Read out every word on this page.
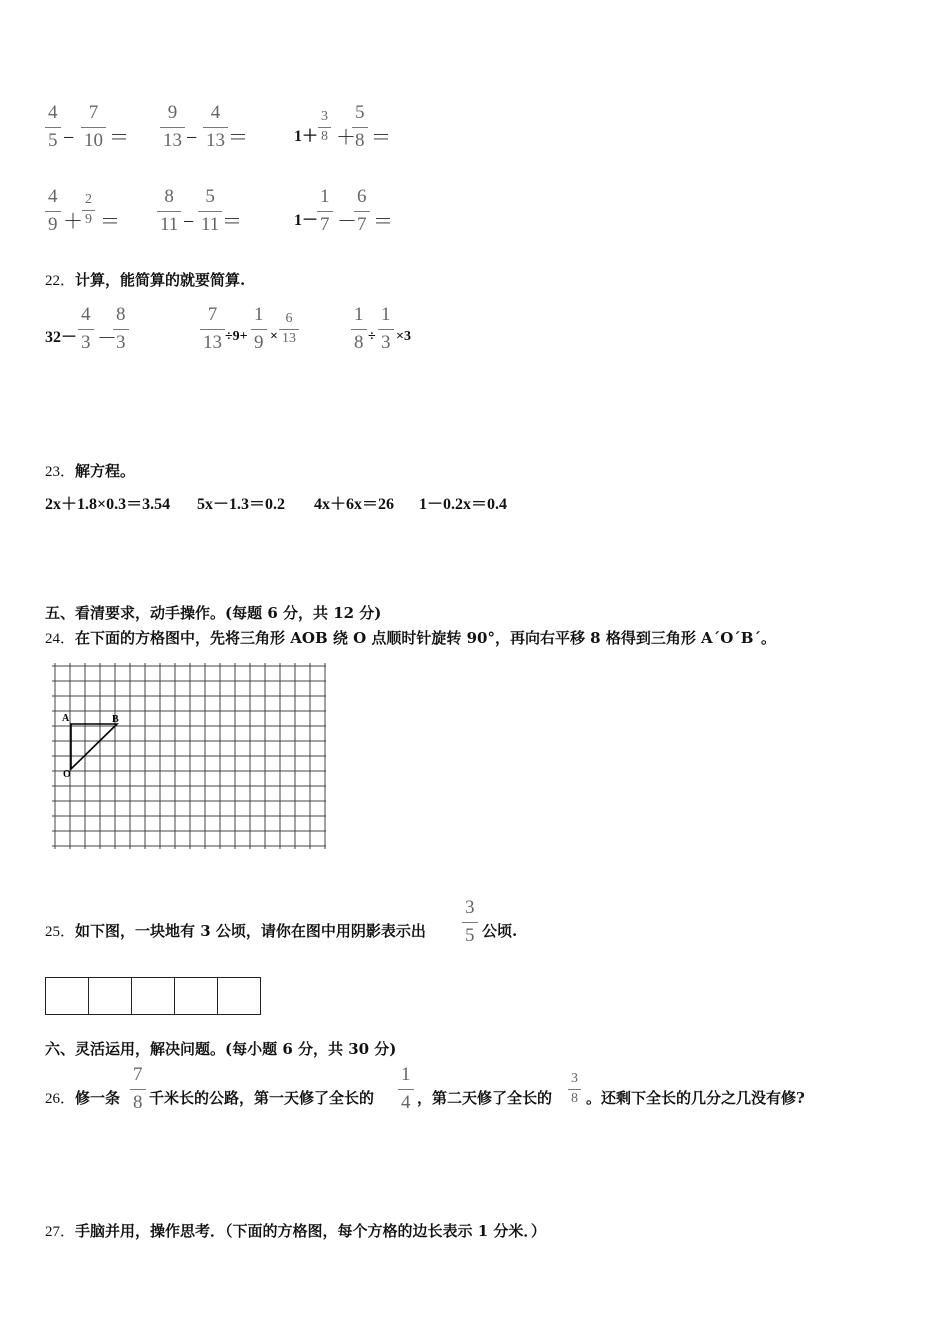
4
5 −
7
10 ＝
9
13 −
4
13 ＝	1＋
3
8 ＋
5
8 ＝
4
9 ＋
2
9 ＝
8
11 −
5
11 ＝	1－
1
7 －
6
7 ＝
22．计算，能简算的就要简算.
32－
4
3 －
8
3
7
13 ÷9+
1
9 ×
6
13
1
8 ÷
1
3 ×3
23．解方程。
2x＋1.8×0.3＝3.54 5x－1.3＝0.2 4x＋6x＝26 1－0.2x＝0.4
五、看清要求，动手操作。(每题 6 分，共 12 分)
24．在下面的方格图中，先将三角形 AOB 绕 O 点顺时针旋转 90°，再向右平移 8 格得到三角形 A´O´B´。
A	B
O
25．如下图，一块地有 3 公顷，请你在图中用阴影表示出
3
5 公顷.
六、灵活运用，解决问题。(每小题 6 分，共 30 分)
26．修一条
7
8 千米长的公路，第一天修了全长的
1
4 ，第二天修了全长的
3
8 。还剩下全长的几分之几没有修?
27．手脑并用，操作思考．（下面的方格图，每个方格的边长表示 1 分米．）
